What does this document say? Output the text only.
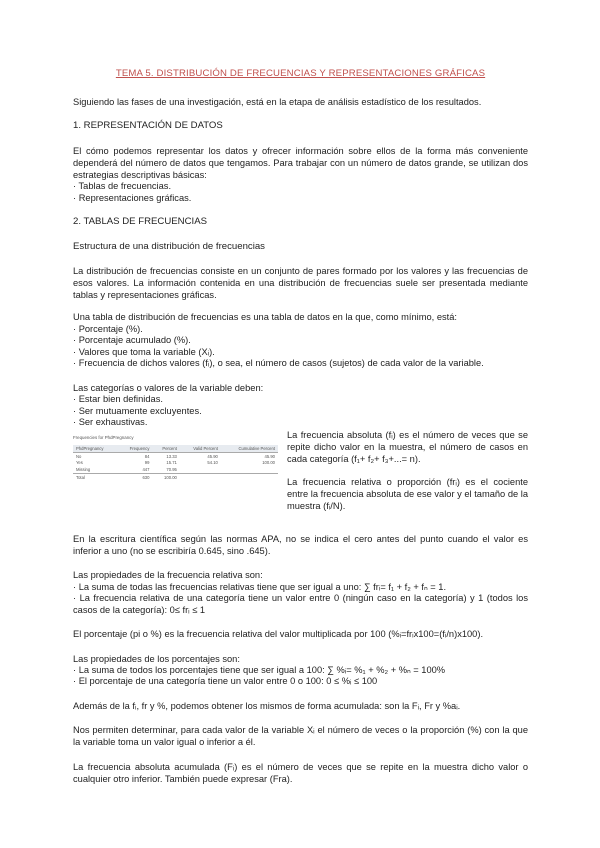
TEMA 5. DISTRIBUCIÓN DE FRECUENCIAS Y REPRESENTACIONES GRÁFICAS

Siguiendo las fases de una investigación, está en la etapa de análisis estadístico de los resultados.

1. REPRESENTACIÓN DE DATOS

El cómo podemos representar los datos y ofrecer información sobre ellos de la forma más conveniente dependerá del número de datos que tengamos. Para trabajar con un número de datos grande, se utilizan dos estrategias descriptivas básicas:

· Tablas de frecuencias.
· Representaciones gráficas.

2. TABLAS DE FRECUENCIAS

Estructura de una distribución de frecuencias

La distribución de frecuencias consiste en un conjunto de pares formado por los valores y las frecuencias de esos valores. La información contenida en una distribución de frecuencias suele ser presentada mediante tablas y representaciones gráficas.

Una tabla de distribución de frecuencias es una tabla de datos en la que, como mínimo, está:

· Porcentaje (%).
· Porcentaje acumulado (%).
· Valores que toma la variable (Xᵢ).
· Frecuencia de dichos valores (fᵢ), o sea, el número de casos (sujetos) de cada valor de la variable.

Las categorías o valores de la variable deben:

· Estar bien definidas.
· Ser mutuamente excluyentes.
· Ser exhaustivas.
Frequencies for PhdPregnancy
PhdPregnancy	Frequency	Percent	Valid Percent	Cumulative Percent
No	84	13.33	45.90	45.90
Yes	99	15.71	54.10	100.00
Missing	447	70.95		
Total	630	100.00		

La frecuencia absoluta (fᵢ) es el número de veces que se repite dicho valor en la muestra, el número de casos en cada categoría (f₁+ f₂+ f₃+...= n).

La frecuencia relativa o proporción (frᵢ) es el cociente entre la frecuencia absoluta de ese valor y el tamaño de la muestra (fᵢ/N).

En la escritura científica según las normas APA, no se indica el cero antes del punto cuando el valor es inferior a uno (no se escribiría 0.645, sino .645).

Las propiedades de la frecuencia relativa son:

· La suma de todas las frecuencias relativas tiene que ser igual a uno: ∑ frᵢ= f₁ + f₂ + fₙ = 1.
· La frecuencia relativa de una categoría tiene un valor entre 0 (ningún caso en la categoría) y 1 (todos los casos de la categoría): 0≤ frᵢ ≤ 1

El porcentaje (pi o %) es la frecuencia relativa del valor multiplicada por 100 (%ᵢ=frᵢx100=(fᵢ/n)x100).

Las propiedades de los porcentajes son:

· La suma de todos los porcentajes tiene que ser igual a 100: ∑ %ᵢ= %₁ + %₂ + %ₙ = 100%
· El porcentaje de una categoría tiene un valor entre 0 o 100: 0 ≤ %ᵢ ≤ 100

Además de la fᵢ, fr y %, podemos obtener los mismos de forma acumulada: son la Fᵢ, Fr y %aᵢ.

Nos permiten determinar, para cada valor de la variable Xᵢ el número de veces o la proporción (%) con la que la variable toma un valor igual o inferior a él.

La frecuencia absoluta acumulada (Fᵢ) es el número de veces que se repite en la muestra dicho valor o cualquier otro inferior. También puede expresar (Fra).
